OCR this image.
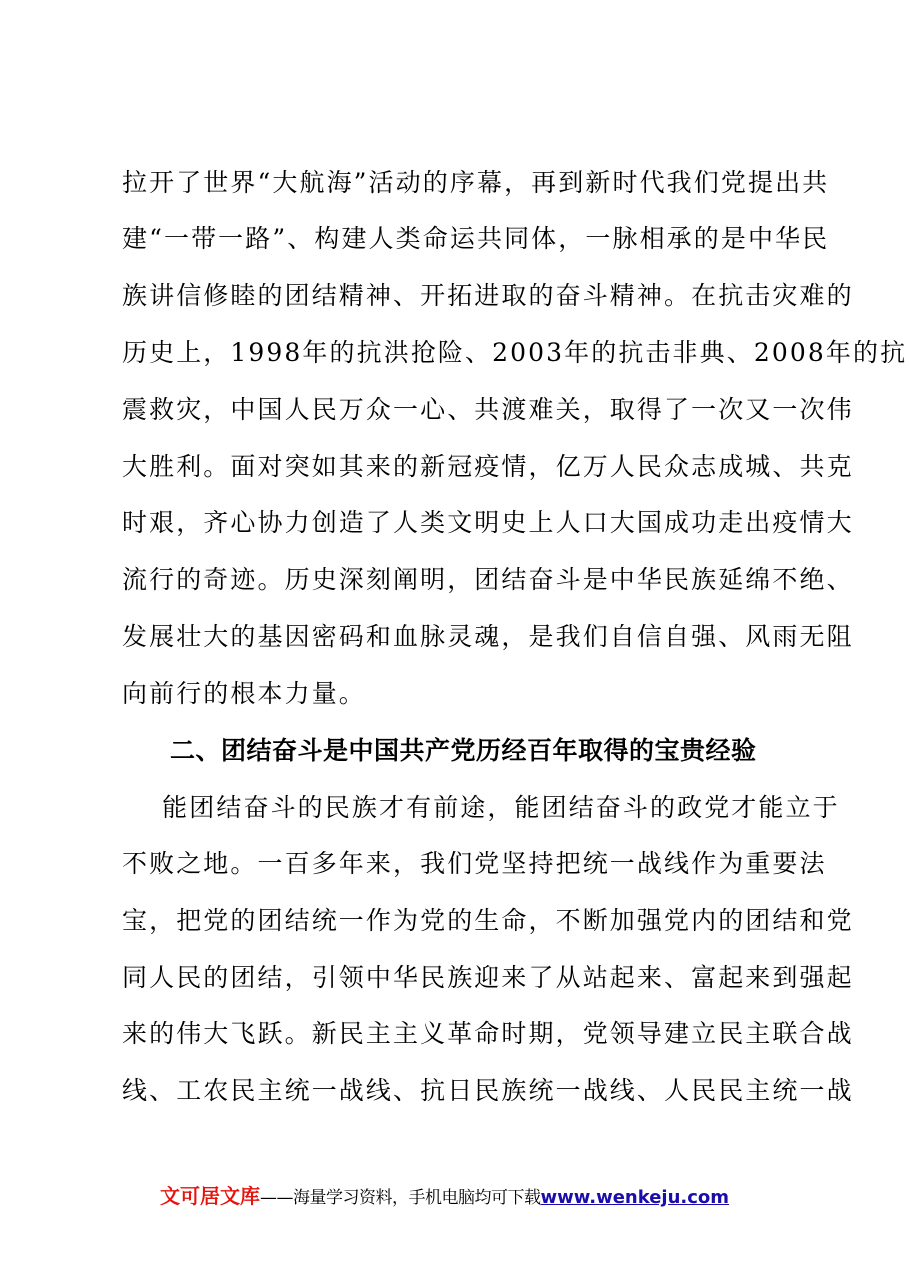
拉开了世界“大航海”活动的序幕，再到新时代我们党提出共
建“一带一路”、构建人类命运共同体，一脉相承的是中华民
族讲信修睦的团结精神、开拓进取的奋斗精神。在抗击灾难的
历史上，1998年的抗洪抢险、2003年的抗击非典、2008年的抗
震救灾，中国人民万众一心、共渡难关，取得了一次又一次伟
大胜利。面对突如其来的新冠疫情，亿万人民众志成城、共克
时艰，齐心协力创造了人类文明史上人口大国成功走出疫情大
流行的奇迹。历史深刻阐明，团结奋斗是中华民族延绵不绝、
发展壮大的基因密码和血脉灵魂，是我们自信自强、风雨无阻
向前行的根本力量。
二、团结奋斗是中国共产党历经百年取得的宝贵经验
能团结奋斗的民族才有前途，能团结奋斗的政党才能立于
不败之地。一百多年来，我们党坚持把统一战线作为重要法
宝，把党的团结统一作为党的生命，不断加强党内的团结和党
同人民的团结，引领中华民族迎来了从站起来、富起来到强起
来的伟大飞跃。新民主主义革命时期，党领导建立民主联合战
线、工农民主统一战线、抗日民族统一战线、人民民主统一战
文可居文库——海量学习资料，手机电脑均可下载www.wenkeju.com
